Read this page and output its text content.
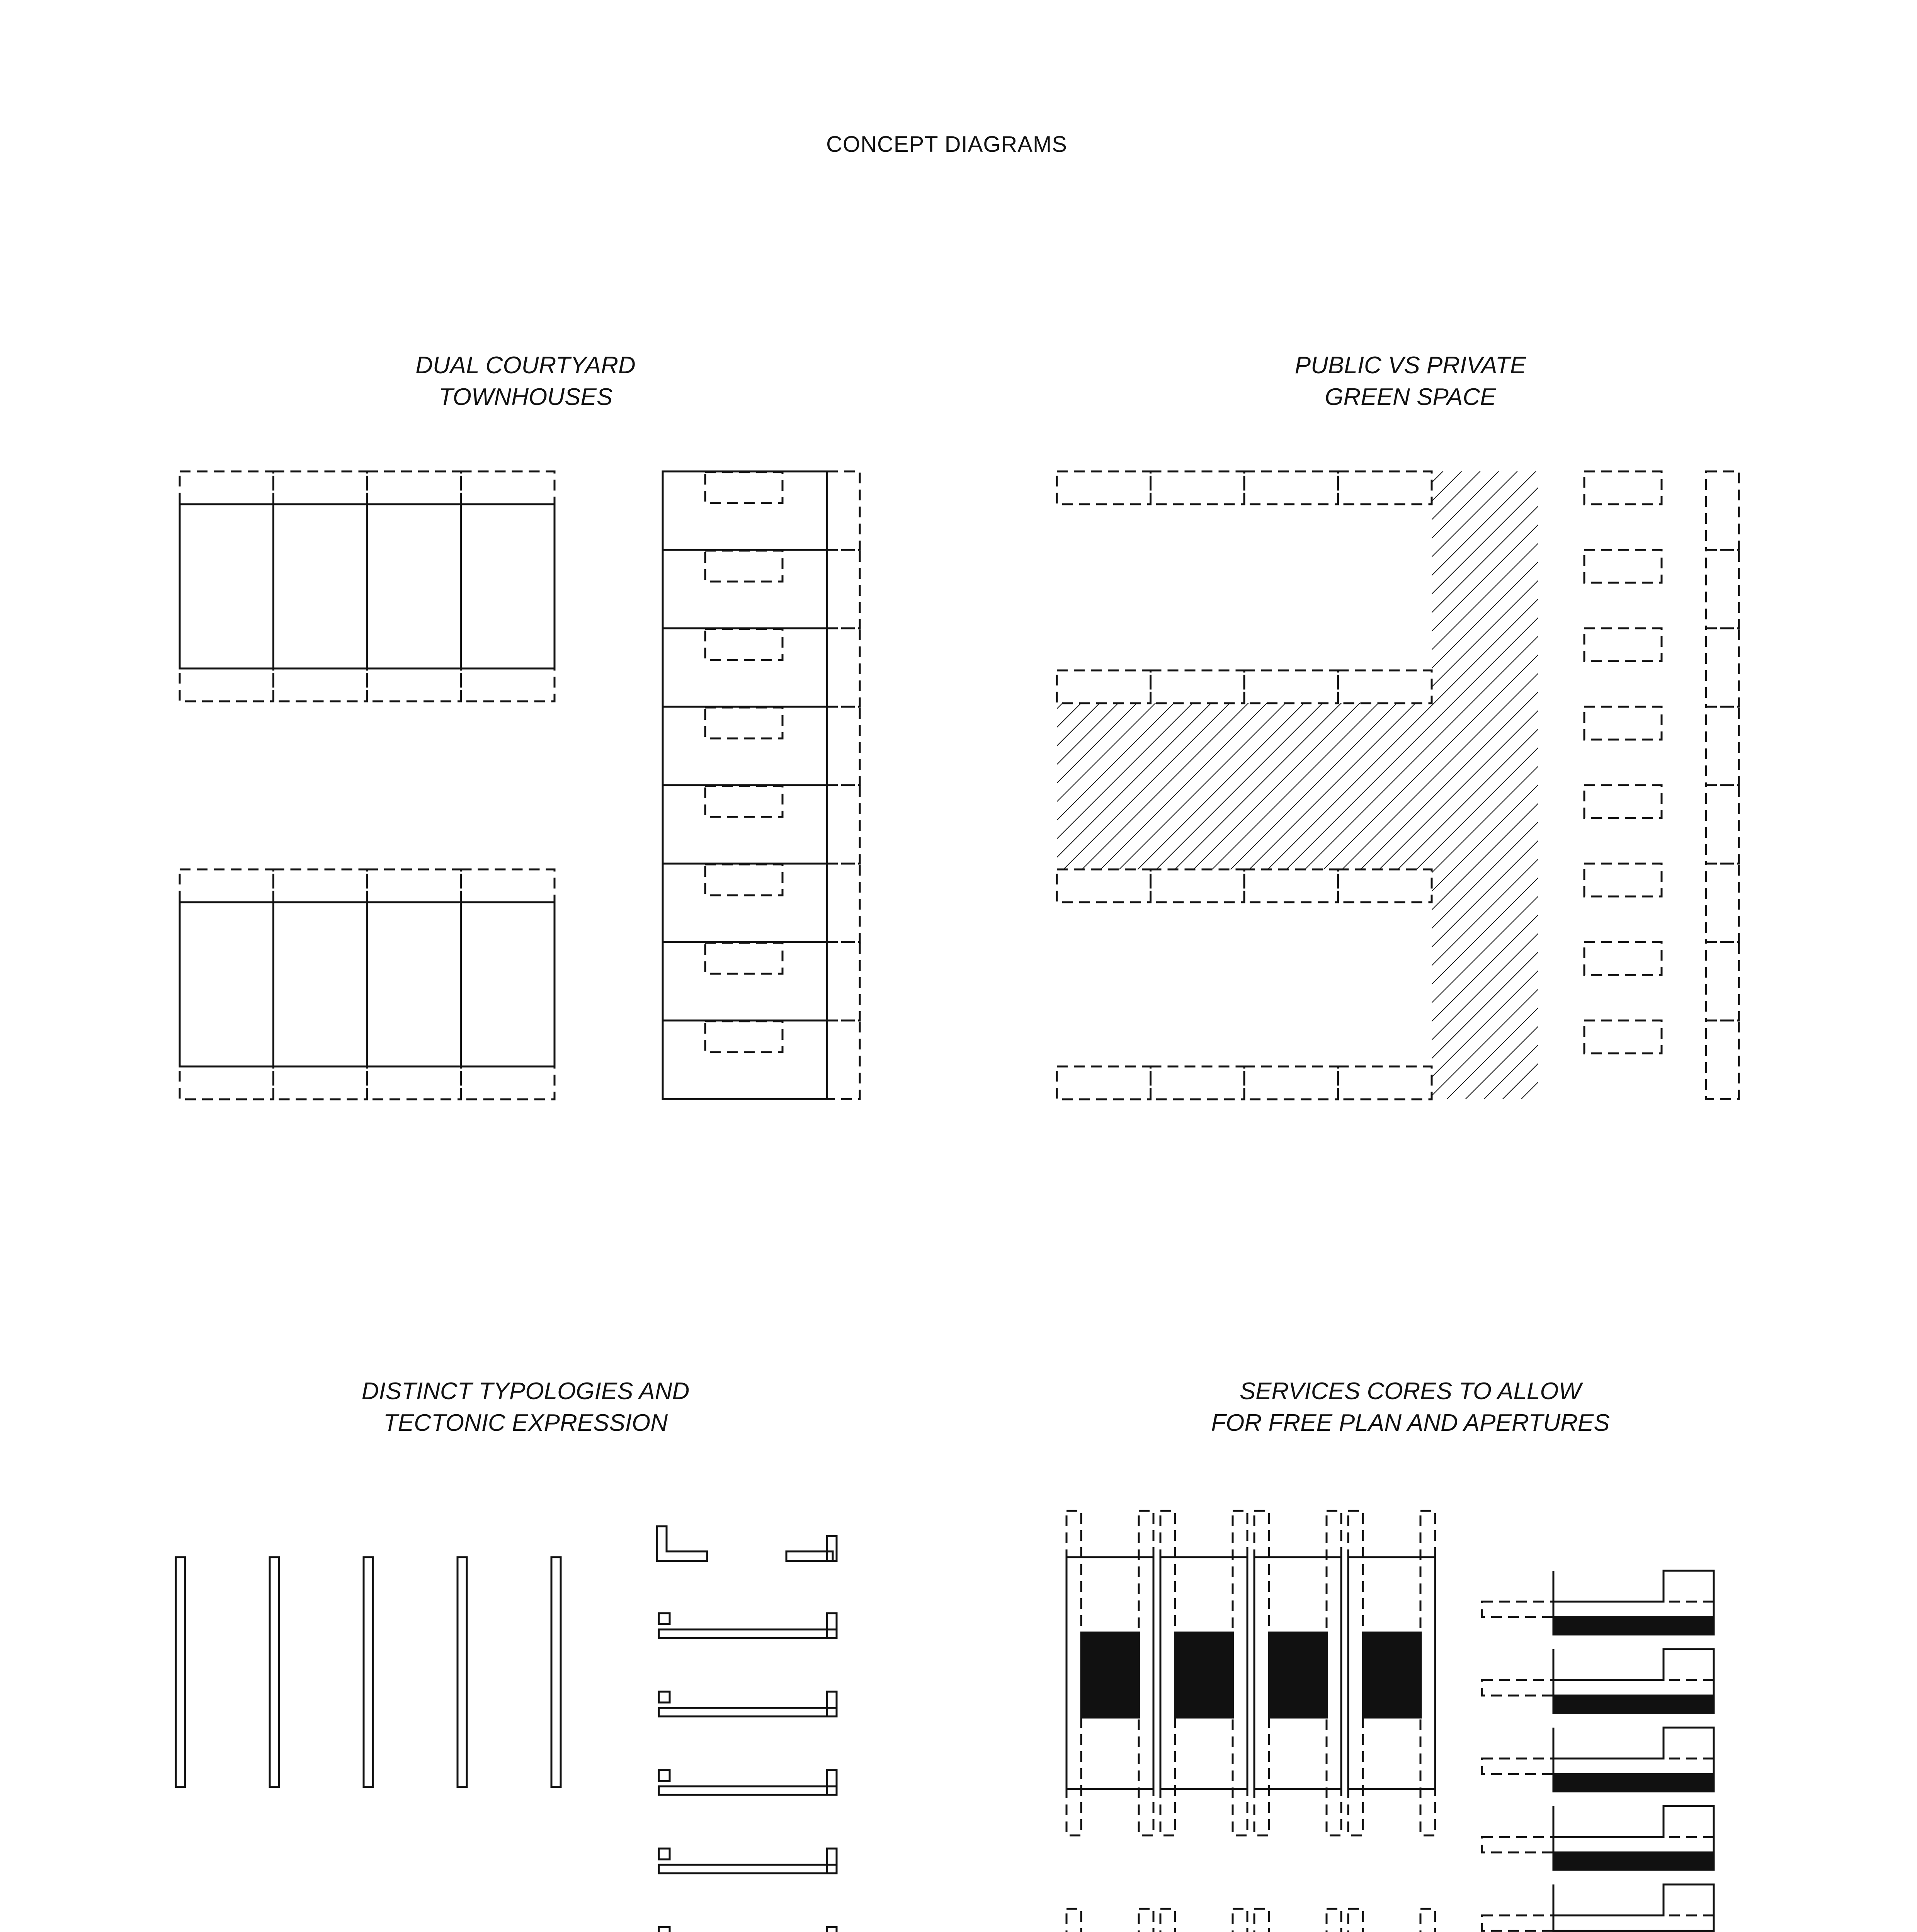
CONCEPT DIAGRAMS
DUAL COURTYARD
TOWNHOUSES
PUBLIC VS PRIVATE
GREEN SPACE
DISTINCT TYPOLOGIES AND
TECTONIC EXPRESSION
SERVICES CORES TO ALLOW
FOR FREE PLAN AND APERTURES
